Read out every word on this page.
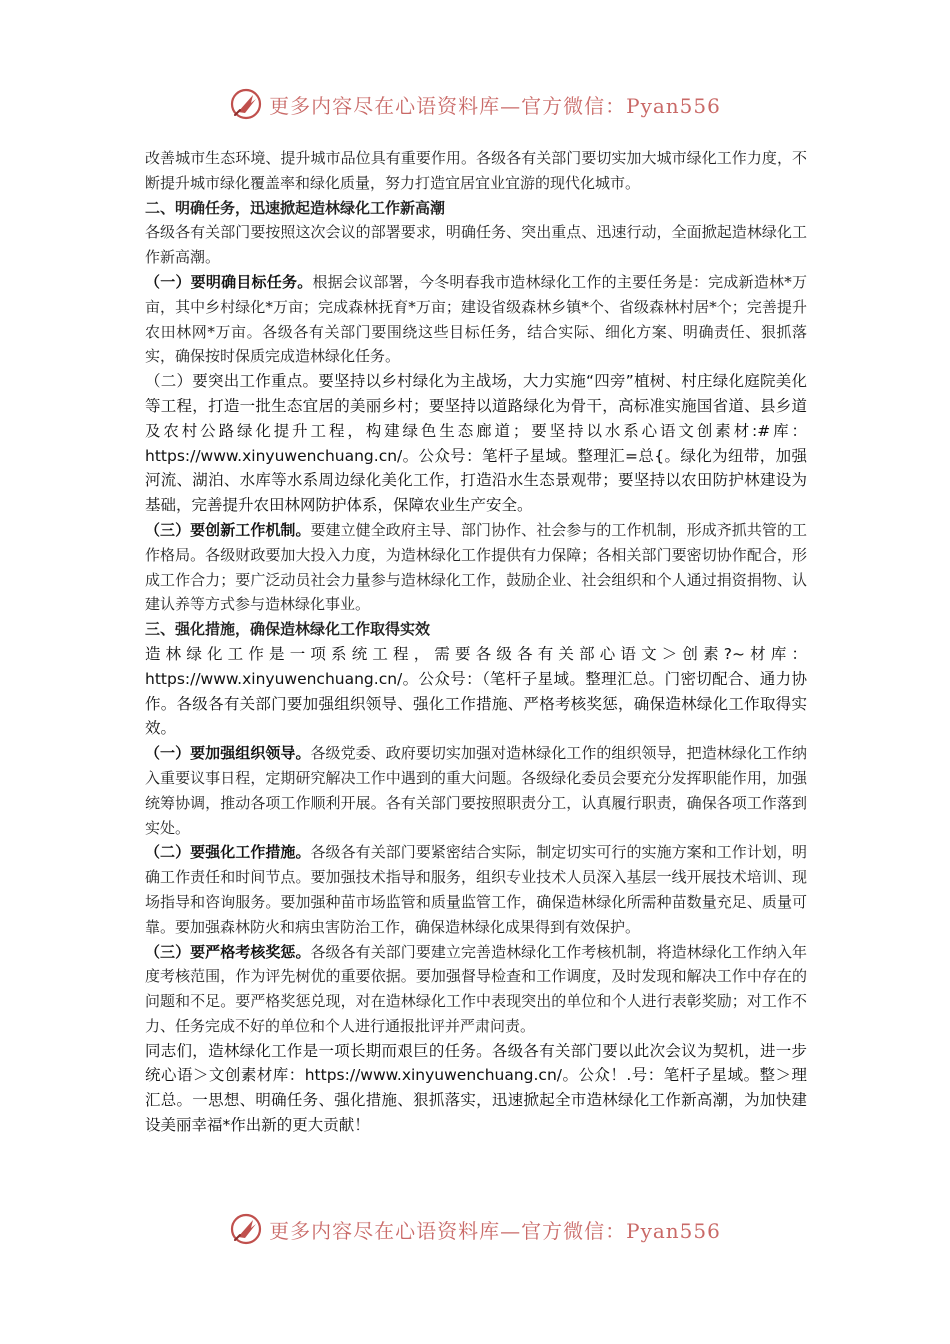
更多内容尽在心语资料库—官方微信：Pyan556

改善城市生态环境、提升城市品位具有重要作用。各级各有关部门要切实加大城市绿化工作力度，不断提升城市绿化覆盖率和绿化质量，努力打造宜居宜业宜游的现代化城市。

二、明确任务，迅速掀起造林绿化工作新高潮

各级各有关部门要按照这次会议的部署要求，明确任务、突出重点、迅速行动，全面掀起造林绿化工作新高潮。

（一）要明确目标任务。根据会议部署，今冬明春我市造林绿化工作的主要任务是：完成新造林*万亩，其中乡村绿化*万亩；完成森林抚育*万亩；建设省级森林乡镇*个、省级森林村居*个；完善提升农田林网*万亩。各级各有关部门要围绕这些目标任务，结合实际、细化方案、明确责任、狠抓落实，确保按时保质完成造林绿化任务。

（二）要突出工作重点。要坚持以乡村绿化为主战场，大力实施“四旁”植树、村庄绿化庭院美化等工程，打造一批生态宜居的美丽乡村；要坚持以道路绿化为骨干，高标准实施国省道、县乡道及农村公路绿化提升工程，构建绿色生态廊道；要坚持以水系心语文创素材:#库：https://www.xinyuwenchuang.cn/。公众号：笔杆子星域。整理汇=总{。绿化为纽带，加强河流、湖泊、水库等水系周边绿化美化工作，打造沿水生态景观带；要坚持以农田防护林建设为基础，完善提升农田林网防护体系，保障农业生产安全。

（三）要创新工作机制。要建立健全政府主导、部门协作、社会参与的工作机制，形成齐抓共管的工作格局。各级财政要加大投入力度，为造林绿化工作提供有力保障；各相关部门要密切协作配合，形成工作合力；要广泛动员社会力量参与造林绿化工作，鼓励企业、社会组织和个人通过捐资捐物、认建认养等方式参与造林绿化事业。

三、强化措施，确保造林绿化工作取得实效

造林绿化工作是一项系统工程，需要各级各有关部心语文＞创素?~材库：https://www.xinyuwenchuang.cn/。公众号：（笔杆子星域。整理汇总。门密切配合、通力协作。各级各有关部门要加强组织领导、强化工作措施、严格考核奖惩，确保造林绿化工作取得实效。

（一）要加强组织领导。各级党委、政府要切实加强对造林绿化工作的组织领导，把造林绿化工作纳入重要议事日程，定期研究解决工作中遇到的重大问题。各级绿化委员会要充分发挥职能作用，加强统筹协调，推动各项工作顺利开展。各有关部门要按照职责分工，认真履行职责，确保各项工作落到实处。

（二）要强化工作措施。各级各有关部门要紧密结合实际，制定切实可行的实施方案和工作计划，明确工作责任和时间节点。要加强技术指导和服务，组织专业技术人员深入基层一线开展技术培训、现场指导和咨询服务。要加强种苗市场监管和质量监管工作，确保造林绿化所需种苗数量充足、质量可靠。要加强森林防火和病虫害防治工作，确保造林绿化成果得到有效保护。

（三）要严格考核奖惩。各级各有关部门要建立完善造林绿化工作考核机制，将造林绿化工作纳入年度考核范围，作为评先树优的重要依据。要加强督导检查和工作调度，及时发现和解决工作中存在的问题和不足。要严格奖惩兑现，对在造林绿化工作中表现突出的单位和个人进行表彰奖励；对工作不力、任务完成不好的单位和个人进行通报批评并严肃问责。

同志们，造林绿化工作是一项长期而艰巨的任务。各级各有关部门要以此次会议为契机，进一步统心语＞文创素材库：https://www.xinyuwenchuang.cn/。公众！.号：笔杆子星域。整＞理汇总。一思想、明确任务、强化措施、狠抓落实，迅速掀起全市造林绿化工作新高潮，为加快建设美丽幸福*作出新的更大贡献！

更多内容尽在心语资料库—官方微信：Pyan556
